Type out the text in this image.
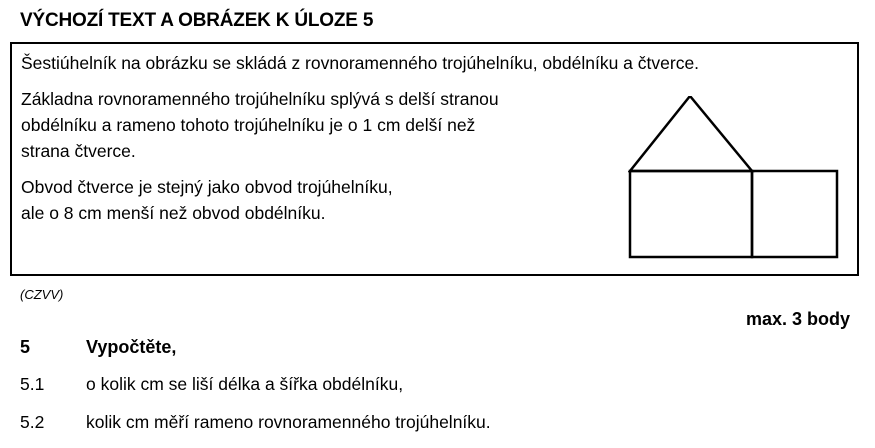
VÝCHOZÍ TEXT A OBRÁZEK K ÚLOZE 5
Šestiúhelník na obrázku se skládá z rovnoramenného trojúhelníku, obdélníku a čtverce.
Základna rovnoramenného trojúhelníku splývá s delší stranou
obdélníku a rameno tohoto trojúhelníku je o 1 cm delší než
strana čtverce.
Obvod čtverce je stejný jako obvod trojúhelníku,
ale o 8 cm menší než obvod obdélníku.
(CZVV)
max. 3 body
5	Vypočtěte,
5.1 o kolik cm se liší délka a šířka obdélníku,
5.2 kolik cm měří rameno rovnoramenného trojúhelníku.
